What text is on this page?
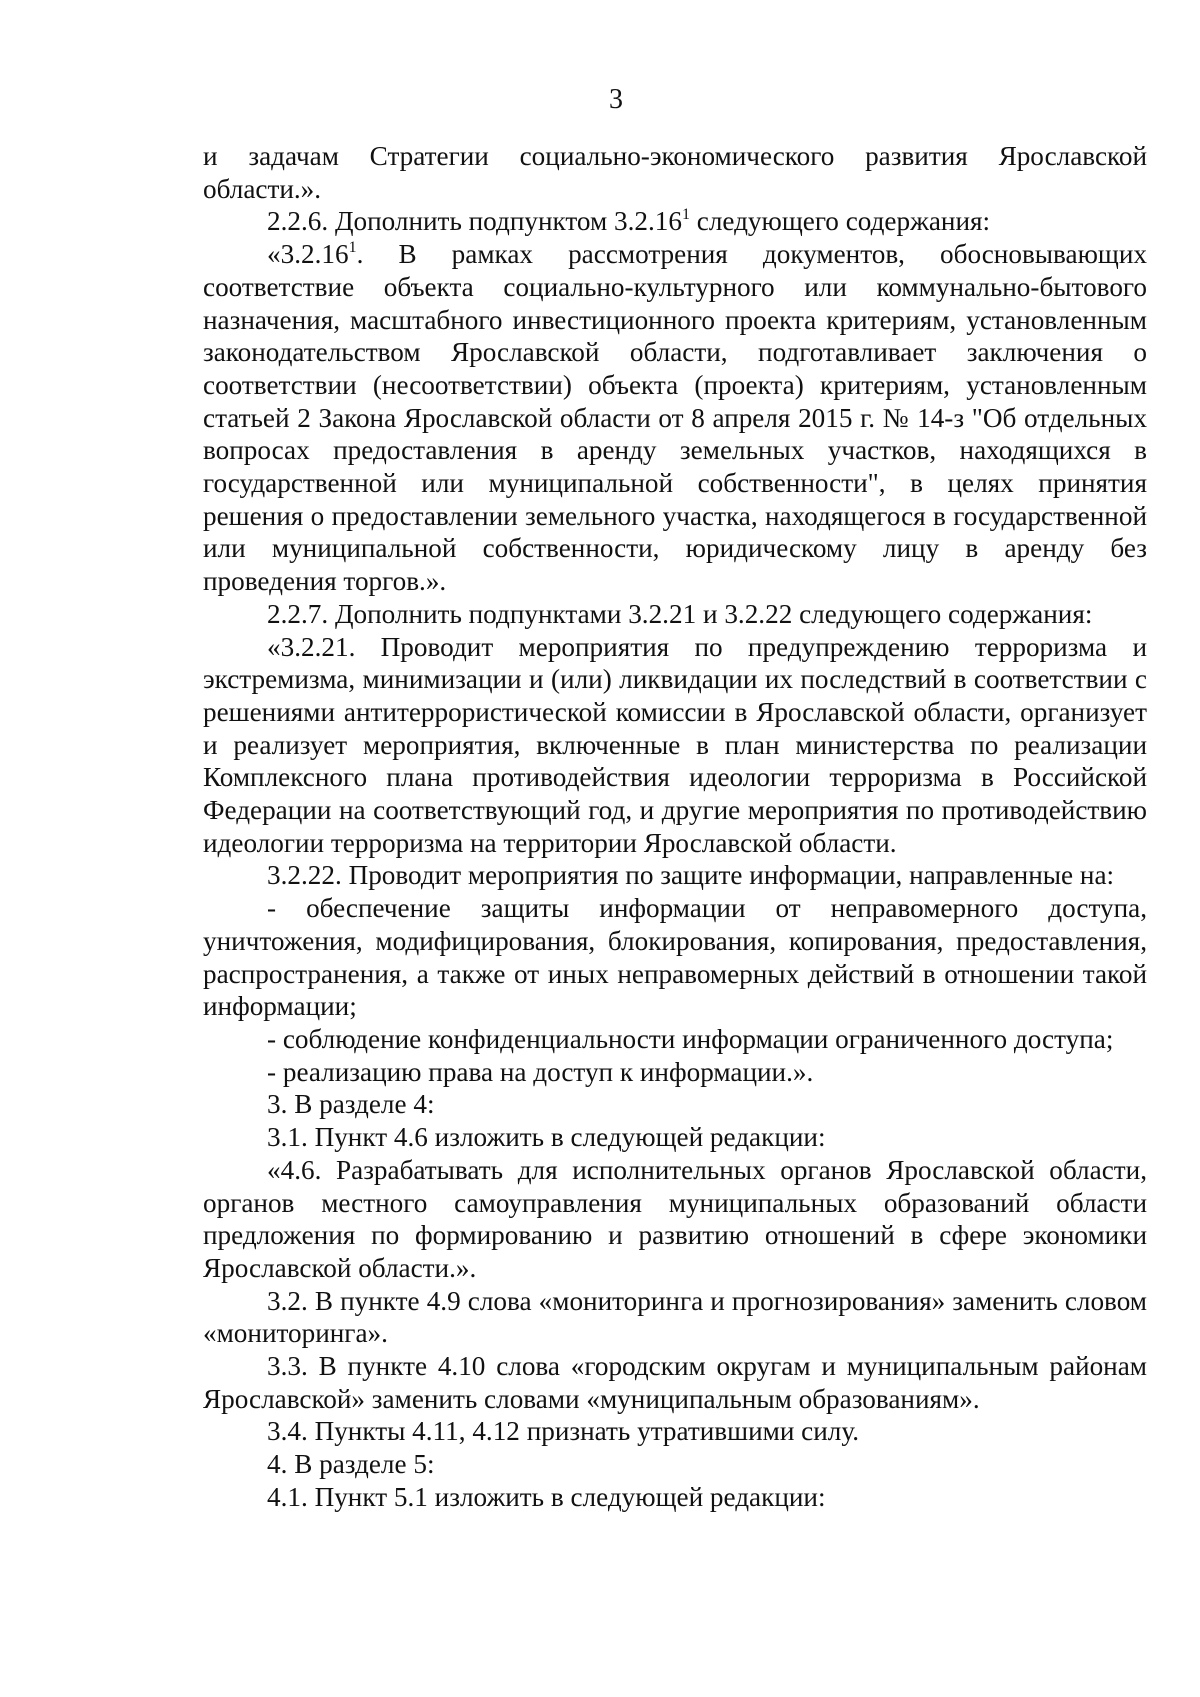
3

и задачам Стратегии социально-экономического развития Ярославской области.».

2.2.6. Дополнить подпунктом 3.2.16$^1$ следующего содержания:

«3.2.16$^1$. В рамках рассмотрения документов, обосновывающих соответствие объекта социально-культурного или коммунально-бытового назначения, масштабного инвестиционного проекта критериям, установленным законодательством Ярославской области, подготавливает заключения о соответствии (несоответствии) объекта (проекта) критериям, установленным статьей 2 Закона Ярославской области от 8 апреля 2015 г. № 14-з "Об отдельных вопросах предоставления в аренду земельных участков, находящихся в государственной или муниципальной собственности", в целях принятия решения о предоставлении земельного участка, находящегося в государственной или муниципальной собственности, юридическому лицу в аренду без проведения торгов.».

2.2.7. Дополнить подпунктами 3.2.21 и 3.2.22 следующего содержания:

«3.2.21. Проводит мероприятия по предупреждению терроризма и экстремизма, минимизации и (или) ликвидации их последствий в соответствии с решениями антитеррористической комиссии в Ярославской области, организует и реализует мероприятия, включенные в план министерства по реализации Комплексного плана противодействия идеологии терроризма в Российской Федерации на соответствующий год, и другие мероприятия по противодействию идеологии терроризма на территории Ярославской области.

3.2.22. Проводит мероприятия по защите информации, направленные на:

- обеспечение защиты информации от неправомерного доступа, уничтожения, модифицирования, блокирования, копирования, предоставления, распространения, а также от иных неправомерных действий в отношении такой информации;

- соблюдение конфиденциальности информации ограниченного доступа;

- реализацию права на доступ к информации.».

3. В разделе 4:

3.1. Пункт 4.6 изложить в следующей редакции:

«4.6. Разрабатывать для исполнительных органов Ярославской области, органов местного самоуправления муниципальных образований области предложения по формированию и развитию отношений в сфере экономики Ярославской области.».

3.2. В пункте 4.9 слова «мониторинга и прогнозирования» заменить словом «мониторинга».

3.3. В пункте 4.10 слова «городским округам и муниципальным районам Ярославской» заменить словами «муниципальным образованиям».

3.4. Пункты 4.11, 4.12 признать утратившими силу.

4. В разделе 5:

4.1. Пункт 5.1 изложить в следующей редакции:
